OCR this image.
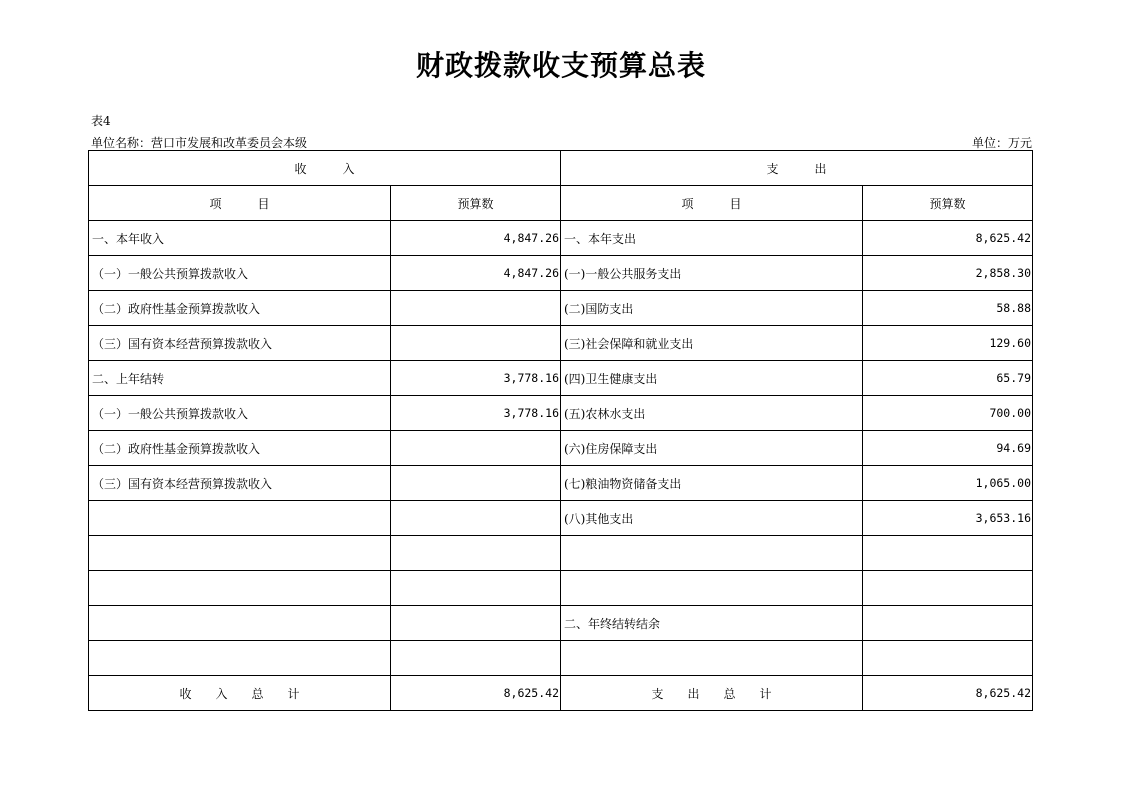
财政拨款收支预算总表
表4
单位名称：营口市发展和改革委员会本级	单位：万元
收　　　入		支　　　出	
项　　　目	预算数	项　　　目	预算数
一、本年收入	4,847.26	一、本年支出	8,625.42
（一）一般公共预算拨款收入	4,847.26	(一)一般公共服务支出	2,858.30
（二）政府性基金预算拨款收入		(二)国防支出	58.88
（三）国有资本经营预算拨款收入		(三)社会保障和就业支出	129.60
二、上年结转	3,778.16	(四)卫生健康支出	65.79
（一）一般公共预算拨款收入	3,778.16	(五)农林水支出	700.00
（二）政府性基金预算拨款收入		(六)住房保障支出	94.69
（三）国有资本经营预算拨款收入		(七)粮油物资储备支出	1,065.00
		(八)其他支出	3,653.16

		二、年终结转结余	

收　　入　　总　　计	8,625.42	支　　出　　总　　计	8,625.42
